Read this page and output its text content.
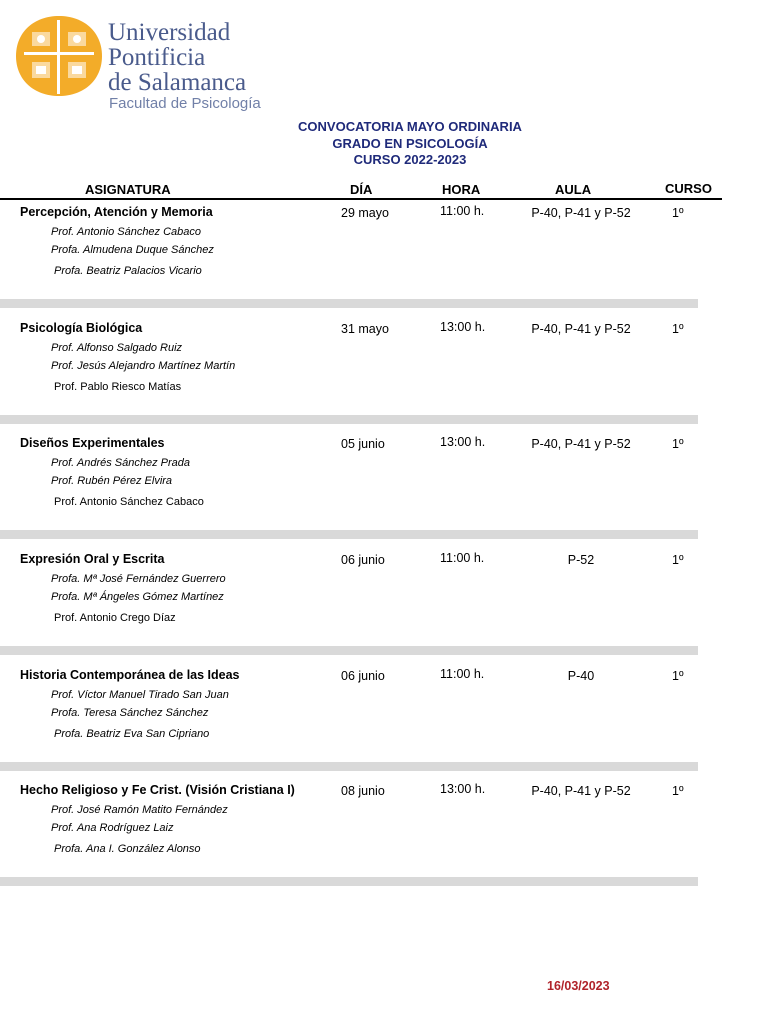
Universidad
Pontificia
de Salamanca
Facultad de Psicología
CONVOCATORIA MAYO ORDINARIA
GRADO EN PSICOLOGÍA
CURSO 2022-2023
ASIGNATURA	DÍA	HORA	AULA	CURSO
Percepción, Atención y Memoria
Prof. Antonio Sánchez Cabaco
Profa. Almudena Duque Sánchez
Profa. Beatriz Palacios Vicario
29 mayo	11:00 h.	P-40, P-41 y P-52	1º
Psicología Biológica
Prof. Alfonso Salgado Ruiz
Prof. Jesús Alejandro Martínez Martín
Prof. Pablo Riesco Matías
31 mayo	13:00 h.	P-40, P-41 y P-52	1º
Diseños Experimentales
Prof. Andrés Sánchez Prada
Prof. Rubén Pérez Elvira
Prof. Antonio Sánchez Cabaco
05 junio	13:00 h.	P-40, P-41 y P-52	1º
Expresión Oral y Escrita
Profa. Mª José Fernández Guerrero
Profa. Mª Ángeles Gómez Martínez
Prof. Antonio Crego Díaz
06 junio	11:00 h.	P-52	1º
Historia Contemporánea de las Ideas
Prof. Víctor Manuel Tirado San Juan
Profa. Teresa Sánchez Sánchez
Profa. Beatriz Eva San Cipriano
06 junio	11:00 h.	P-40	1º
Hecho Religioso y Fe Crist. (Visión Cristiana I)
Prof. José Ramón Matito Fernández
Prof. Ana Rodríguez Laiz
Profa. Ana I. González Alonso
08 junio	13:00 h.	P-40, P-41 y P-52	1º
16/03/2023
